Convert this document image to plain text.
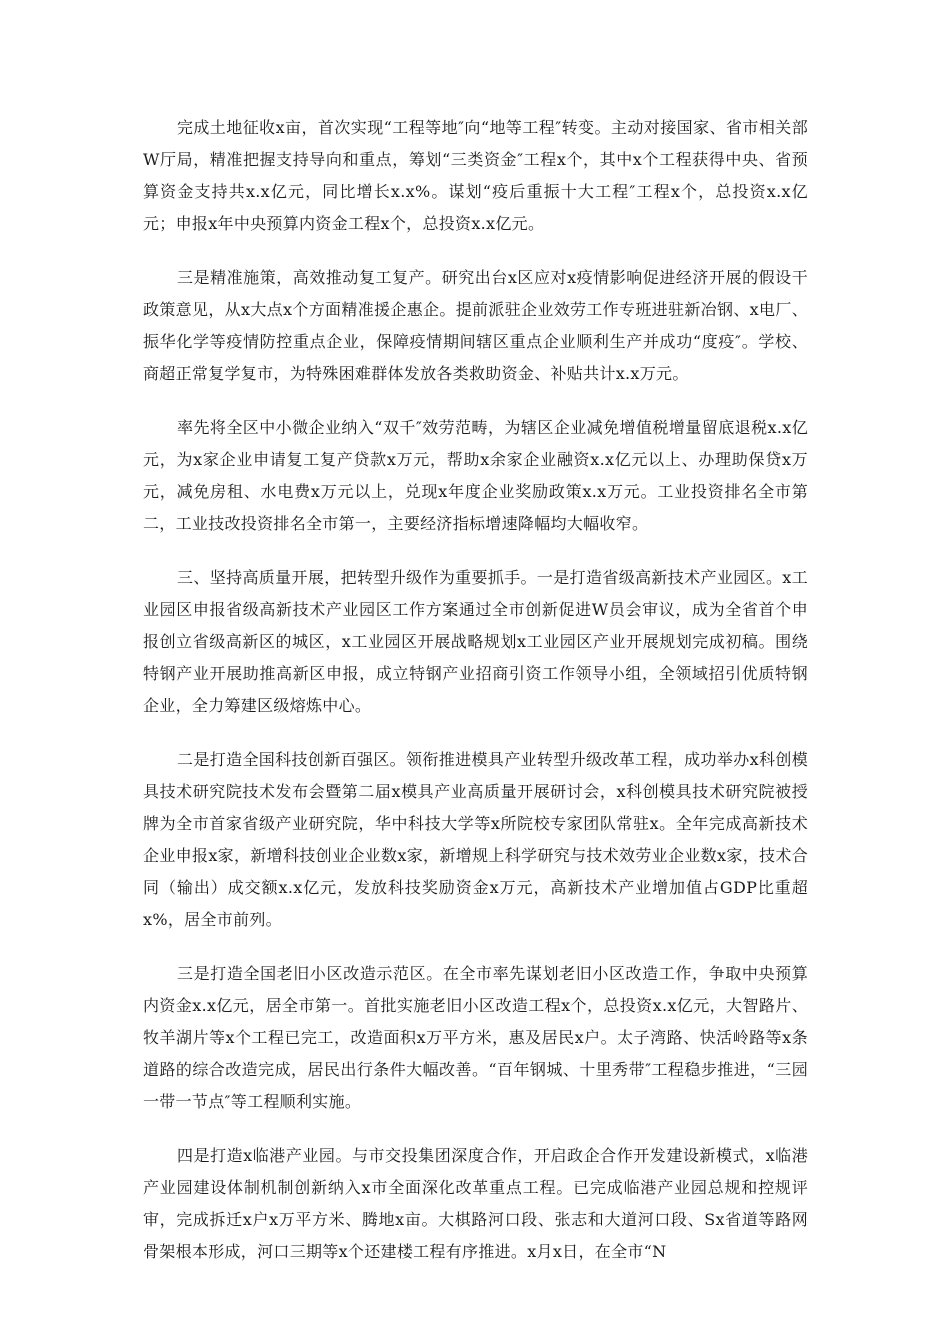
完成土地征收x亩，首次实现“工程等地″向“地等工程″转变。主动对接国家、省市相关部W厅局，精准把握支持导向和重点，筹划“三类资金″工程x个，其中x个工程获得中央、省预算资金支持共x.x亿元，同比增长x.x%。谋划“疫后重振十大工程″工程x个，总投资x.x亿元；申报x年中央预算内资金工程x个，总投资x.x亿元。

三是精准施策，高效推动复工复产。研究出台x区应对x疫情影响促进经济开展的假设干政策意见，从x大点x个方面精准援企惠企。提前派驻企业效劳工作专班进驻新冶钢、x电厂、振华化学等疫情防控重点企业，保障疫情期间辖区重点企业顺利生产并成功“度疫″。学校、商超正常复学复市，为特殊困难群体发放各类救助资金、补贴共计x.x万元。

率先将全区中小微企业纳入“双千″效劳范畴，为辖区企业减免增值税增量留底退税x.x亿元，为x家企业申请复工复产贷款x万元，帮助x余家企业融资x.x亿元以上、办理助保贷x万元，减免房租、水电费x万元以上，兑现x年度企业奖励政策x.x万元。工业投资排名全市第二，工业技改投资排名全市第一，主要经济指标增速降幅均大幅收窄。

三、坚持高质量开展，把转型升级作为重要抓手。一是打造省级高新技术产业园区。x工业园区申报省级高新技术产业园区工作方案通过全市创新促进W员会审议，成为全省首个申报创立省级高新区的城区，x工业园区开展战略规划x工业园区产业开展规划完成初稿。围绕特钢产业开展助推高新区申报，成立特钢产业招商引资工作领导小组，全领域招引优质特钢企业，全力筹建区级熔炼中心。

二是打造全国科技创新百强区。领衔推进模具产业转型升级改革工程，成功举办x科创模具技术研究院技术发布会暨第二届x模具产业高质量开展研讨会，x科创模具技术研究院被授牌为全市首家省级产业研究院，华中科技大学等x所院校专家团队常驻x。全年完成高新技术企业申报x家，新增科技创业企业数x家，新增规上科学研究与技术效劳业企业数x家，技术合同（输出）成交额x.x亿元，发放科技奖励资金x万元，高新技术产业增加值占GDP比重超x%，居全市前列。

三是打造全国老旧小区改造示范区。在全市率先谋划老旧小区改造工作，争取中央预算内资金x.x亿元，居全市第一。首批实施老旧小区改造工程x个，总投资x.x亿元，大智路片、牧羊湖片等x个工程已完工，改造面积x万平方米，惠及居民x户。太子湾路、快活岭路等x条道路的综合改造完成，居民出行条件大幅改善。“百年钢城、十里秀带″工程稳步推进，“三园一带一节点″等工程顺利实施。

四是打造x临港产业园。与市交投集团深度合作，开启政企合作开发建设新模式，x临港产业园建设体制机制创新纳入x市全面深化改革重点工程。已完成临港产业园总规和控规评审，完成拆迁x户x万平方米、腾地x亩。大棋路河口段、张志和大道河口段、Sx省道等路网骨架根本形成，河口三期等x个还建楼工程有序推进。x月x日，在全市“N
